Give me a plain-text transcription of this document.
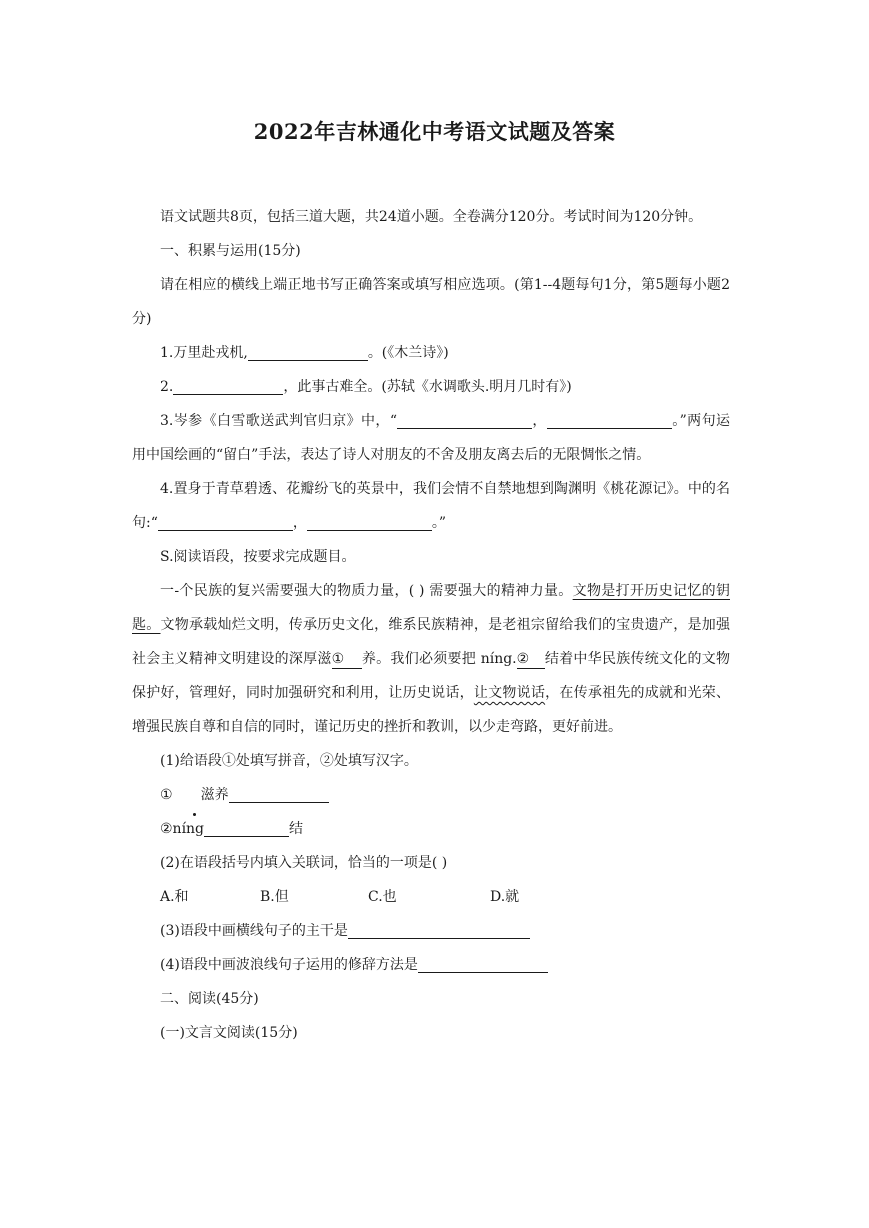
2022年吉林通化中考语文试题及答案

语文试题共8页，包括三道大题，共24道小题。全卷满分120分。考试时间为120分钟。

一、积累与运用(15分)

请在相应的横线上端正地书写正确答案或填写相应选项。(第1--4题每句1分，第5题每小题2分)

1.万里赴戎机,	。(《木兰诗》)

2.	，此事古难全。(苏轼《水调歌头.明月几时有》)

3.岑参《白雪歌送武判官归京》中，“	，	。”两句运用中国绘画的“留白”手法，表达了诗人对朋友的不舍及朋友离去后的无限惆怅之情。

4.置身于青草碧透、花瓣纷飞的英景中，我们会情不自禁地想到陶渊明《桃花源记》。中的名句:“	，	。”

S.阅读语段，按要求完成题目。

一-个民族的复兴需要强大的物质力量，( ) 需要强大的精神力量。文物是打开历史记忆的钥匙。文物承载灿烂文明，传承历史文化，维系民族精神，是老祖宗留给我们的宝贵遗产，是加强社会主义精神文明建设的深厚滋① 养。我们必须要把 níng.② 结着中华民族传统文化的文物保护好，管理好，同时加强研究和利用，让历史说话，让文物说话，在传承祖先的成就和光荣、增强民族自尊和自信的同时，谨记历史的挫折和教训，以少走弯路，更好前进。

(1)给语段①处填写拼音，②处填写汉字。

① 滋养

②níng	结

(2)在语段括号内填入关联词，恰当的一项是( )

A.和	B.但	C.也	D.就

(3)语段中画横线句子的主干是

(4)语段中画波浪线句子运用的修辞方法是

二、阅读(45分)

(一)文言文阅读(15分)
